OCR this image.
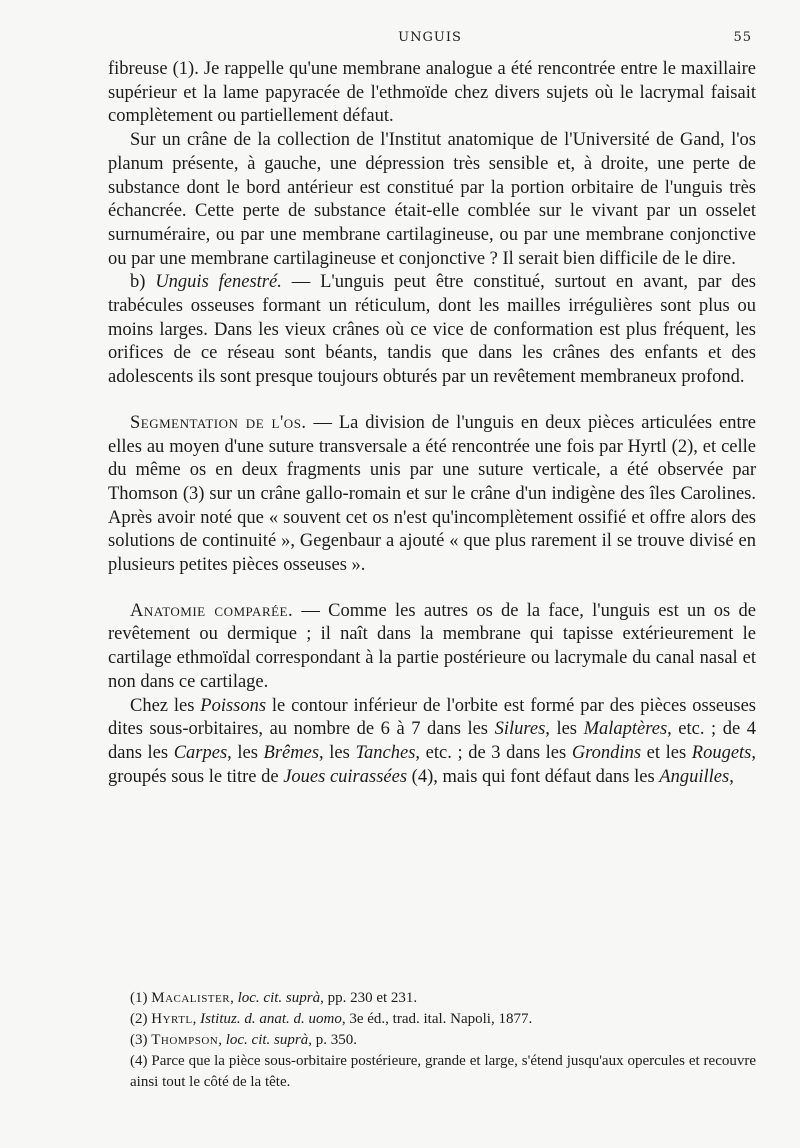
UNGUIS	55

fibreuse (1). Je rappelle qu'une membrane analogue a été rencontrée entre le maxillaire supérieur et la lame papyracée de l'ethmoïde chez divers sujets où le lacrymal faisait complètement ou partiellement défaut.

Sur un crâne de la collection de l'Institut anatomique de l'Université de Gand, l'os planum présente, à gauche, une dépression très sensible et, à droite, une perte de substance dont le bord antérieur est constitué par la portion orbitaire de l'unguis très échancrée. Cette perte de substance était-elle comblée sur le vivant par un osselet surnuméraire, ou par une membrane cartilagineuse, ou par une membrane conjonctive ou par une membrane cartilagineuse et conjonctive ? Il serait bien difficile de le dire.

b) Unguis fenestré. — L'unguis peut être constitué, surtout en avant, par des trabécules osseuses formant un réticulum, dont les mailles irrégulières sont plus ou moins larges. Dans les vieux crânes où ce vice de conformation est plus fréquent, les orifices de ce réseau sont béants, tandis que dans les crânes des enfants et des adolescents ils sont presque toujours obturés par un revêtement membraneux profond.

Segmentation de l'os. — La division de l'unguis en deux pièces articulées entre elles au moyen d'une suture transversale a été rencontrée une fois par Hyrtl (2), et celle du même os en deux fragments unis par une suture verticale, a été observée par Thomson (3) sur un crâne gallo-romain et sur le crâne d'un indigène des îles Carolines. Après avoir noté que « souvent cet os n'est qu'incomplètement ossifié et offre alors des solutions de continuité », Gegenbaur a ajouté « que plus rarement il se trouve divisé en plusieurs petites pièces osseuses ».

Anatomie comparée. — Comme les autres os de la face, l'unguis est un os de revêtement ou dermique ; il naît dans la membrane qui tapisse extérieurement le cartilage ethmoïdal correspondant à la partie postérieure ou lacrymale du canal nasal et non dans ce cartilage.

Chez les Poissons le contour inférieur de l'orbite est formé par des pièces osseuses dites sous-orbitaires, au nombre de 6 à 7 dans les Silures, les Malaptères, etc. ; de 4 dans les Carpes, les Brêmes, les Tanches, etc. ; de 3 dans les Grondins et les Rougets, groupés sous le titre de Joues cuirassées (4), mais qui font défaut dans les Anguilles,

(1) Macalister, loc. cit. suprà, pp. 230 et 231.

(2) Hyrtl, Istituz. d. anat. d. uomo, 3e éd., trad. ital. Napoli, 1877.

(3) Thompson, loc. cit. suprà, p. 350.

(4) Parce que la pièce sous-orbitaire postérieure, grande et large, s'étend jusqu'aux opercules et recouvre ainsi tout le côté de la tête.
